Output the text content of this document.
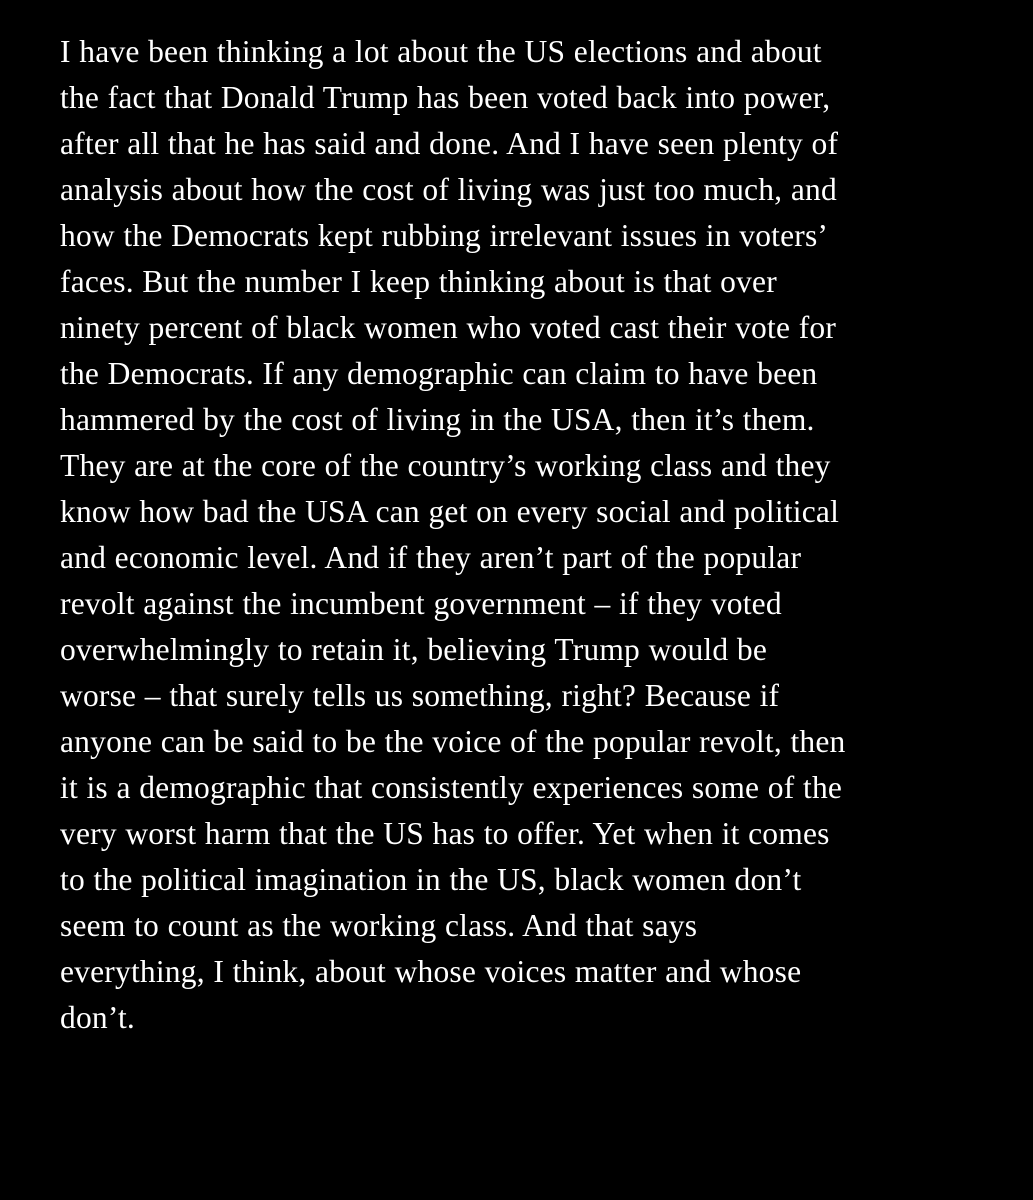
I have been thinking a lot about the US elections and about
the fact that Donald Trump has been voted back into power,
after all that he has said and done. And I have seen plenty of
analysis about how the cost of living was just too much, and
how the Democrats kept rubbing irrelevant issues in voters’
faces. But the number I keep thinking about is that over
ninety percent of black women who voted cast their vote for
the Democrats. If any demographic can claim to have been
hammered by the cost of living in the USA, then it’s them.
They are at the core of the country’s working class and they
know how bad the USA can get on every social and political
and economic level. And if they aren’t part of the popular
revolt against the incumbent government – if they voted
overwhelmingly to retain it, believing Trump would be
worse – that surely tells us something, right? Because if
anyone can be said to be the voice of the popular revolt, then
it is a demographic that consistently experiences some of the
very worst harm that the US has to offer. Yet when it comes
to the political imagination in the US, black women don’t
seem to count as the working class. And that says
everything, I think, about whose voices matter and whose
don’t.
